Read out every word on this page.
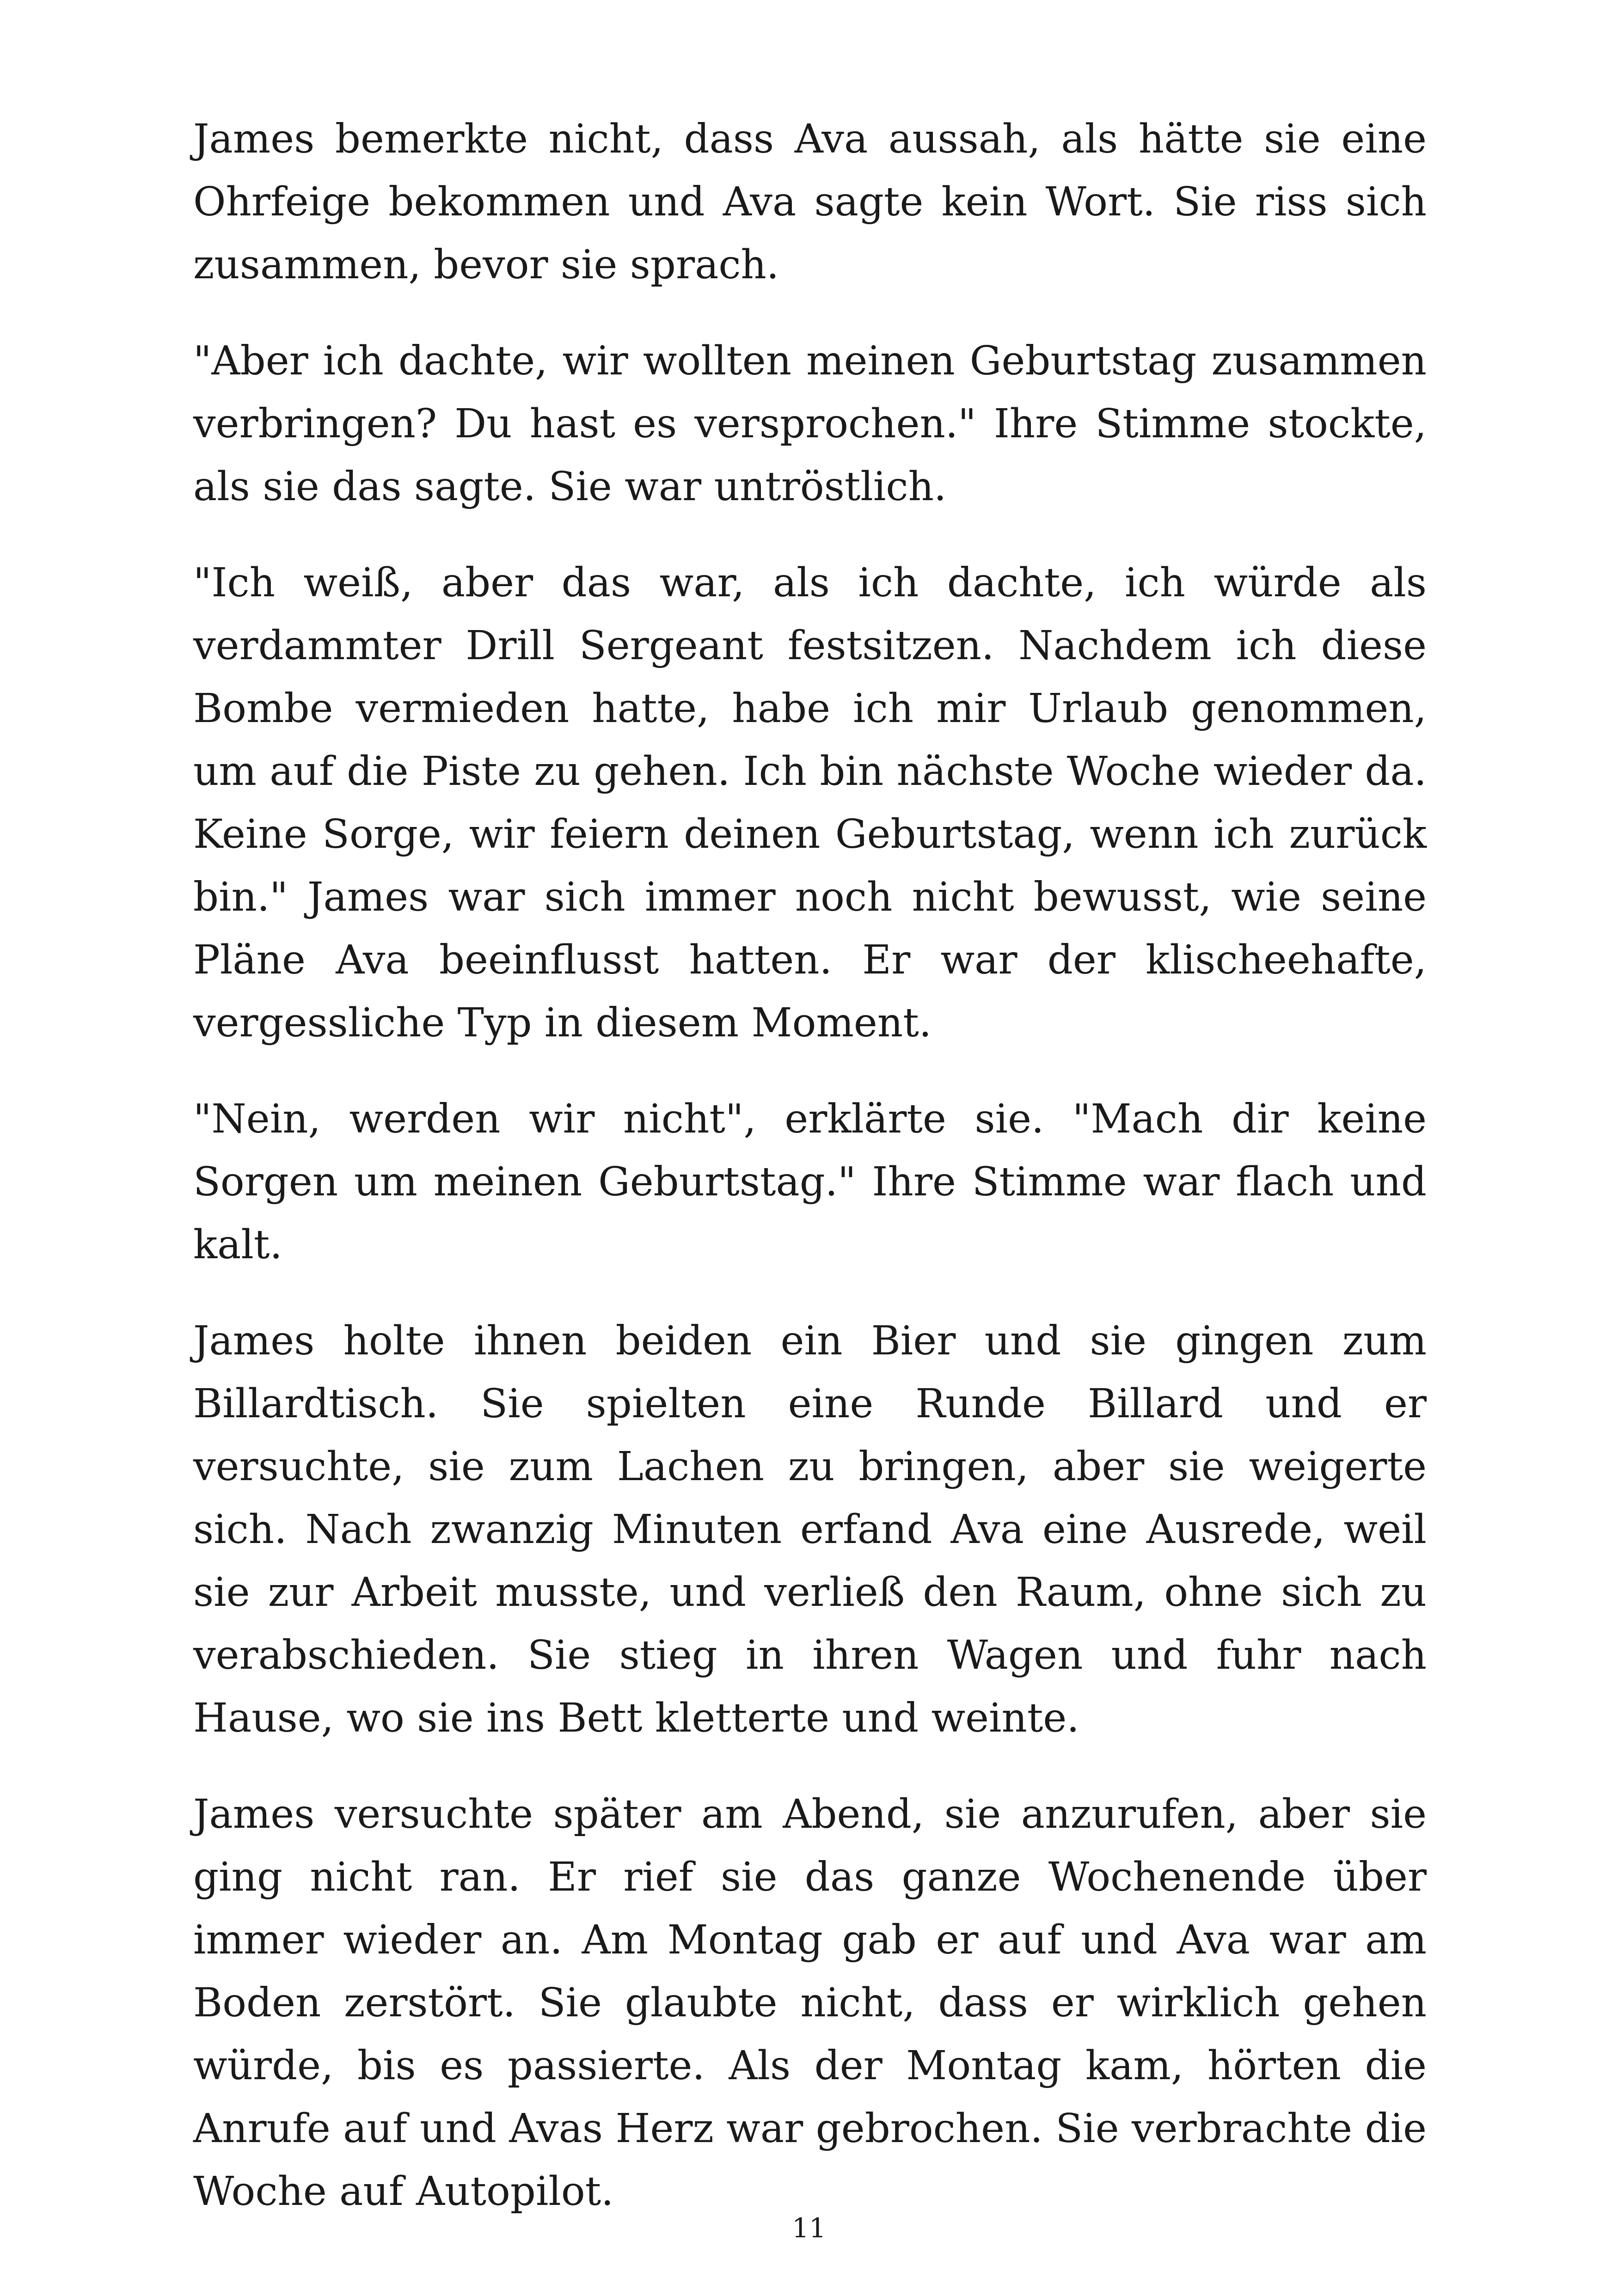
James bemerkte nicht, dass Ava aussah, als hätte sie eine Ohrfeige bekommen und Ava sagte kein Wort. Sie riss sich zusammen, bevor sie sprach.

"Aber ich dachte, wir wollten meinen Geburtstag zusammen verbringen? Du hast es versprochen." Ihre Stimme stockte, als sie das sagte. Sie war untröstlich.

"Ich weiß, aber das war, als ich dachte, ich würde als verdammter Drill Sergeant festsitzen. Nachdem ich diese Bombe vermieden hatte, habe ich mir Urlaub genommen, um auf die Piste zu gehen. Ich bin nächste Woche wieder da. Keine Sorge, wir feiern deinen Geburtstag, wenn ich zurück bin." James war sich immer noch nicht bewusst, wie seine Pläne Ava beeinflusst hatten. Er war der klischeehafte, vergessliche Typ in diesem Moment.

"Nein, werden wir nicht", erklärte sie. "Mach dir keine Sorgen um meinen Geburtstag." Ihre Stimme war flach und kalt.

James holte ihnen beiden ein Bier und sie gingen zum Billardtisch. Sie spielten eine Runde Billard und er versuchte, sie zum Lachen zu bringen, aber sie weigerte sich. Nach zwanzig Minuten erfand Ava eine Ausrede, weil sie zur Arbeit musste, und verließ den Raum, ohne sich zu verabschieden. Sie stieg in ihren Wagen und fuhr nach Hause, wo sie ins Bett kletterte und weinte.

James versuchte später am Abend, sie anzurufen, aber sie ging nicht ran. Er rief sie das ganze Wochenende über immer wieder an. Am Montag gab er auf und Ava war am Boden zerstört. Sie glaubte nicht, dass er wirklich gehen würde, bis es passierte. Als der Montag kam, hörten die Anrufe auf und Avas Herz war gebrochen. Sie verbrachte die Woche auf Autopilot.

11
